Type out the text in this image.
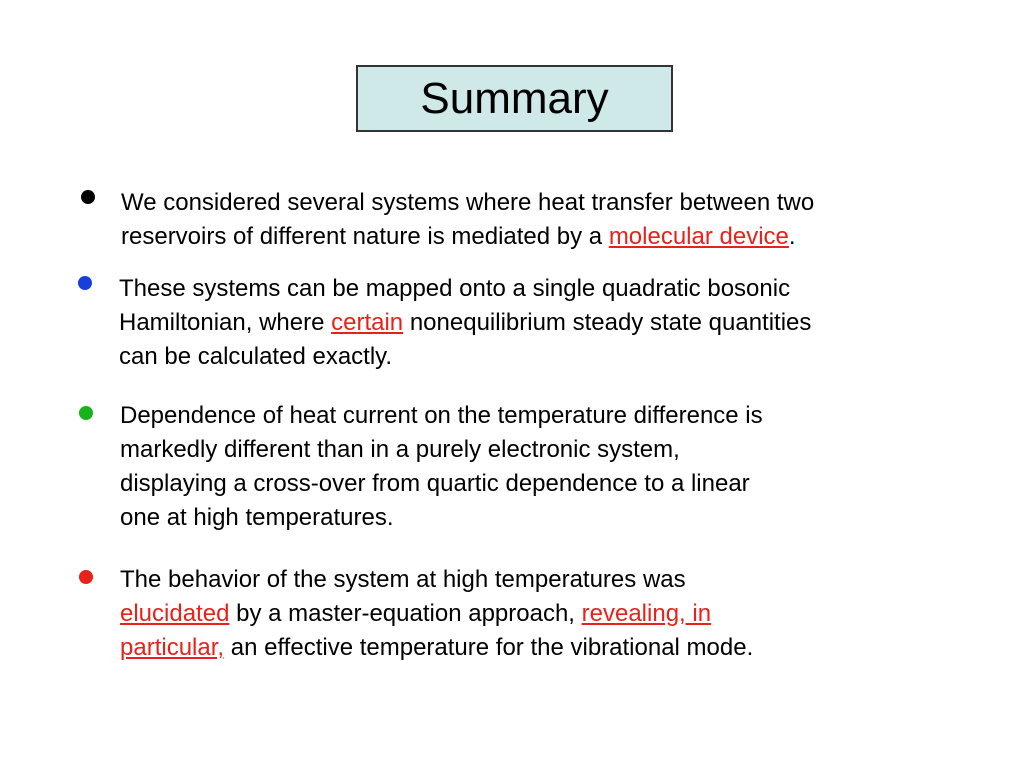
Summary
We considered several systems where heat transfer between two
reservoirs of different nature is mediated by a molecular device.
These systems can be mapped onto a single quadratic bosonic
Hamiltonian, where certain nonequilibrium steady state quantities
can be calculated exactly.
Dependence of heat current on the temperature difference is
markedly different than in a purely electronic system,
displaying a cross-over from quartic dependence to a linear
one at high temperatures.
The behavior of the system at high temperatures was
elucidated by a master-equation approach, revealing, in
particular, an effective temperature for the vibrational mode.
